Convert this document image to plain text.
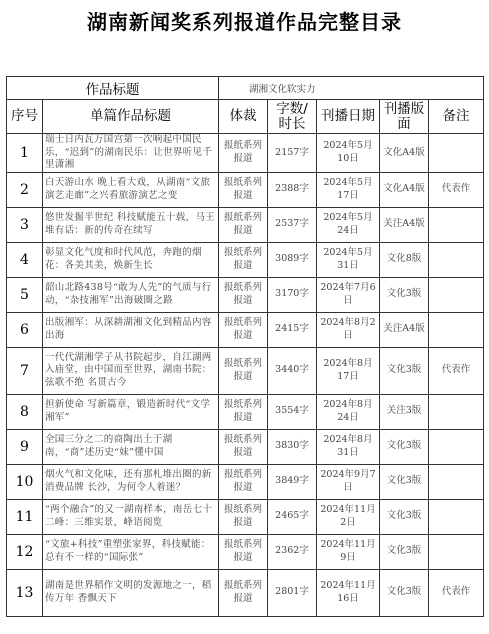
湖南新闻奖系列报道作品完整目录
作品标题		湖湘文化软实力				
序号	单篇作品标题	体裁	字数/时长	刊播日期	刊播版面	备注
1	瑞士日内瓦万国宫第一次响起中国民乐，“迟到”的湖南民乐：让世界听见千里潇湘	报纸系列报道	2157字	2024年5月10日	文化A4版	
2	白天游山水 晚上看大戏，从湖南“文旅演艺走廊”之兴看旅游演艺之变	报纸系列报道	2388字	2024年5月17日	文化A4版	代表作
3	悠世发掘半世纪 科技赋能五十载，马王堆有话：新的传奇在续写	报纸系列报道	2537字	2024年5月24日	关注A4版	
4	彰显文化气度和时代风范，奔跑的烟花：各美其美，焕新生长	报纸系列报道	3089字	2024年5月31日	文化8版	
5	韶山北路438号“敢为人先”的气质与行动，“杂技湘军”出海破圈之路	报纸系列报道	3170字	2024年7月6日	文化3版	
6	出版湘军：从深耕湖湘文化到精品内容出海	报纸系列报道	2415字	2024年8月2日	关注A4版	
7	一代代湖湘学子从书院起步，自江湖两入庙堂，由中国而至世界，湖南书院：弦歌不绝 名贯古今	报纸系列报道	3440字	2024年8月17日	文化3版	代表作
8	担新使命 写新篇章，锻造新时代“文学湘军”	报纸系列报道	3554字	2024年8月24日	关注3版	
9	全国三分之二的商陶出土于湖南，“商”述历史“妹”懂中国	报纸系列报道	3830字	2024年8月31日	文化3版	
10	烟火气和文化味，还有那札堆出圈的新消费品牌 长沙，为何令人着迷？	报纸系列报道	3849字	2024年9月7日	文化3版	
11	“两个融合”的又一湖南样本，南岳七十二峰：三维实景，峰语阅览	报纸系列报道	2465字	2024年11月2日	文化3版	
12	“文旅+科技”重塑张家界，科技赋能：总有不一样的“国际张”	报纸系列报道	2362字	2024年11月9日	文化3版	
13	湖南是世界稻作文明的发源地之一，稻传万年 香飘天下	报纸系列报道	2801字	2024年11月16日	文化3版	代表作
